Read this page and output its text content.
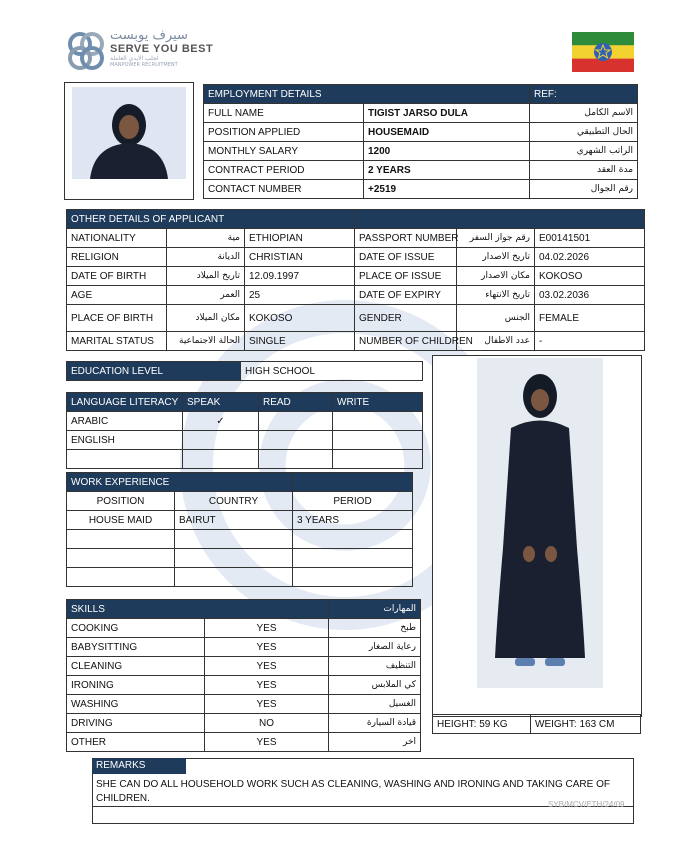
سيرف يوبست
SERVE YOU BEST
لجلب الايدي العاملة
MANPOWER RECRUITMENT
EMPLOYMENT DETAILS		REF:
FULL NAME	TIGIST JARSO DULA	الاسم الكامل
POSITION APPLIED	HOUSEMAID	الحال التطبيقي
MONTHLY SALARY	1200	الراتب الشهري
CONTRACT PERIOD	2 YEARS	مدة العقد
CONTACT NUMBER	+2519	رقم الجوال
OTHER DETAILS OF APPLICANT					
NATIONALITY	مية	ETHIOPIAN	PASSPORT NUMBER	رقم جواز السفر	E00141501
RELIGION	الديانة	CHRISTIAN	DATE OF ISSUE	تاريخ الاصدار	04.02.2026
DATE OF BIRTH	تاريخ الميلاد	12.09.1997	PLACE OF ISSUE	مكان الاصدار	KOKOSO
AGE	العمر	25	DATE OF EXPIRY	تاريخ الانتهاء	03.02.2036
PLACE OF BIRTH	مكان الميلاد	KOKOSO	GENDER	الجنس	FEMALE
MARITAL STATUS	الحالة الاجتماعية	SINGLE	NUMBER OF CHILDREN	عدد الاطفال	-
EDUCATION LEVEL	HIGH SCHOOL
LANGUAGE LITERACY	SPEAK	READ	WRITE
ARABIC	✓		
ENGLISH			

WORK EXPERIENCE		
POSITION	COUNTRY	PERIOD
HOUSE MAID	BAIRUT	3 YEARS

SKILLS		المهارات
COOKING	YES	طبخ
BABYSITTING	YES	رعاية الصغار
CLEANING	YES	التنظيف
IRONING	YES	كي الملابس
WASHING	YES	الغسيل
DRIVING	NO	قيادة السيارة
OTHER	YES	اخر
HEIGHT: 59 KG	WEIGHT: 163 CM
REMARKS
SHE CAN DO ALL HOUSEHOLD WORK SUCH AS CLEANING, WASHING AND IRONING AND TAKING CARE OF CHILDREN.
SYB/MCV/ETH/24/09
